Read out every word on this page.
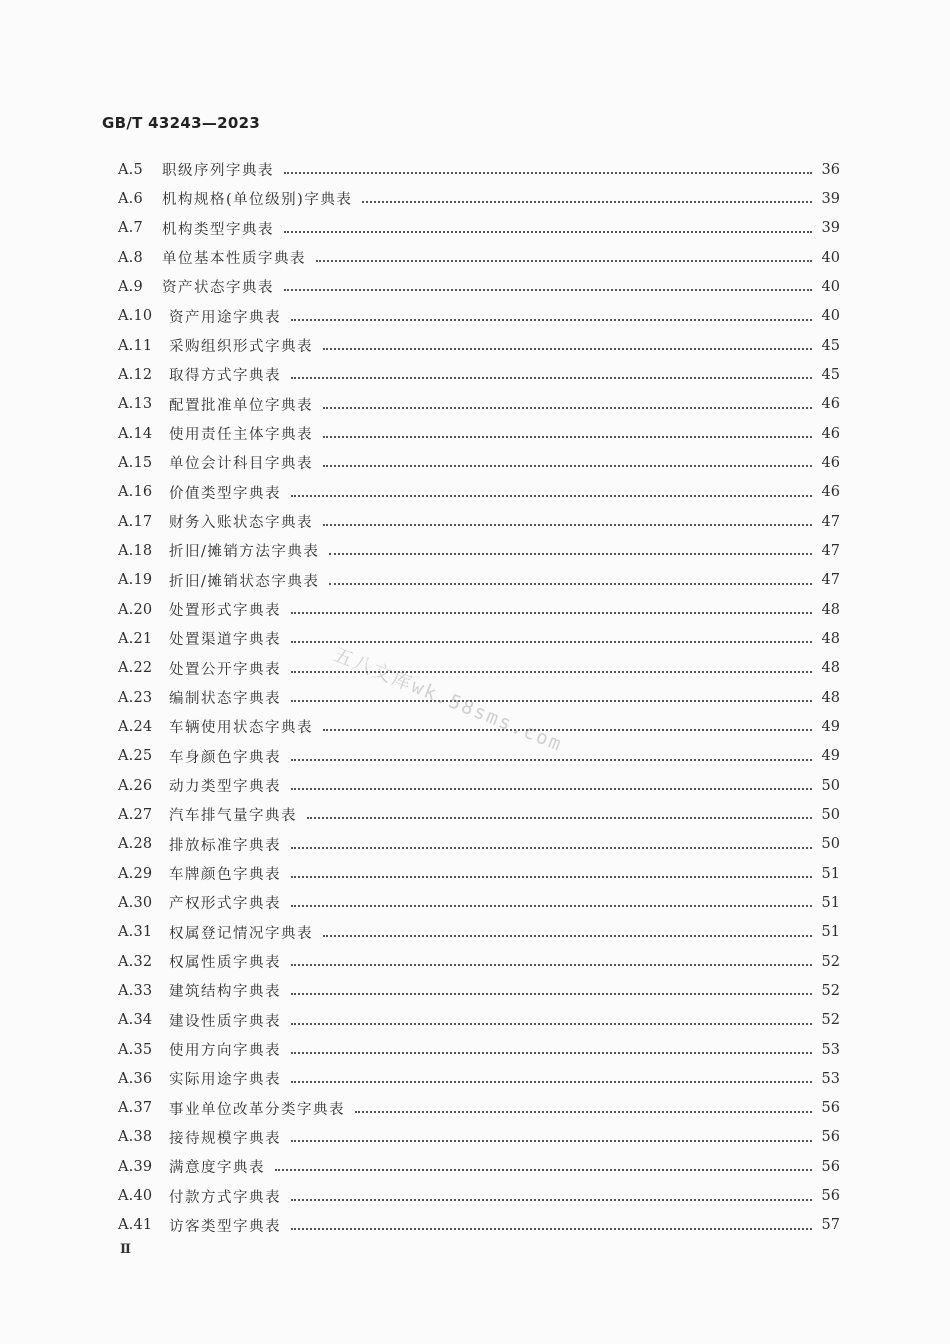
GB/T 43243—2023
A.5	职级序列字典表	36
A.6	机构规格(单位级别)字典表	39
A.7	机构类型字典表	39
A.8	单位基本性质字典表	40
A.9	资产状态字典表	40
A.10	资产用途字典表	40
A.11	采购组织形式字典表	45
A.12	取得方式字典表	45
A.13	配置批准单位字典表	46
A.14	使用责任主体字典表	46
A.15	单位会计科目字典表	46
A.16	价值类型字典表	46
A.17	财务入账状态字典表	47
A.18	折旧/摊销方法字典表	47
A.19	折旧/摊销状态字典表	47
A.20	处置形式字典表	48
A.21	处置渠道字典表	48
A.22	处置公开字典表	48
A.23	编制状态字典表	48
A.24	车辆使用状态字典表	49
A.25	车身颜色字典表	49
A.26	动力类型字典表	50
A.27	汽车排气量字典表	50
A.28	排放标准字典表	50
A.29	车牌颜色字典表	51
A.30	产权形式字典表	51
A.31	权属登记情况字典表	51
A.32	权属性质字典表	52
A.33	建筑结构字典表	52
A.34	建设性质字典表	52
A.35	使用方向字典表	53
A.36	实际用途字典表	53
A.37	事业单位改革分类字典表	56
A.38	接待规模字典表	56
A.39	满意度字典表	56
A.40	付款方式字典表	56
A.41	访客类型字典表	57
五八文库wk.58sms.com
Ⅱ
